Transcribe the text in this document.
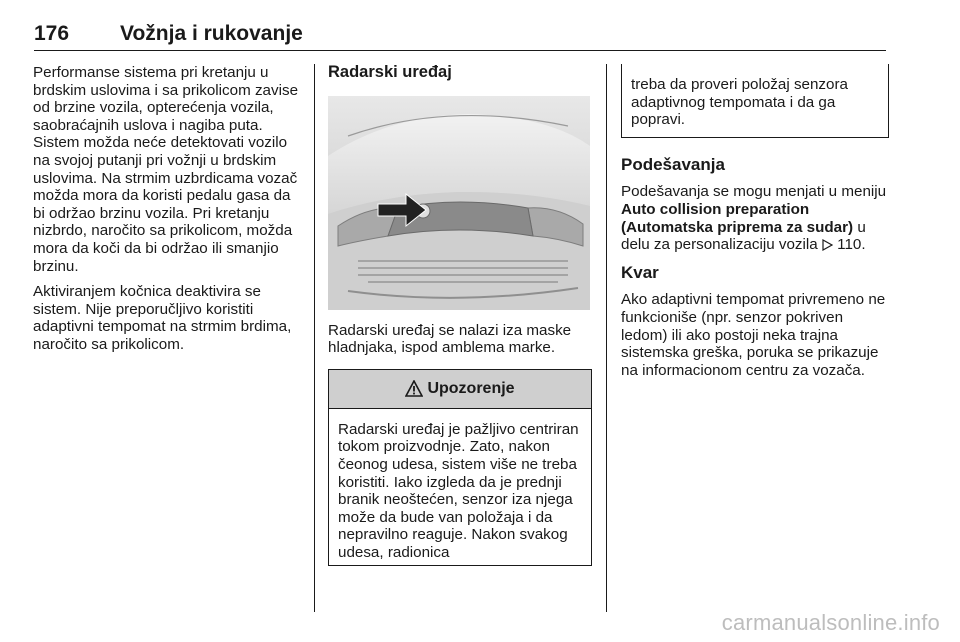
176 Vožnja i rukovanje

Performanse sistema pri kretanju u brdskim uslovima i sa prikolicom zavise od brzine vozila, opterećenja vozila, saobraćajnih uslova i nagiba puta. Sistem možda neće detektovati vozilo na svojoj putanji pri vožnji u brdskim uslovima. Na strmim uzbrdicama vozač možda mora da koristi pedalu gasa da bi održao brzinu vozila. Pri kretanju nizbrdo, naročito sa prikolicom, možda mora da koči da bi održao ili smanjio brzinu.

Aktiviranjem kočnica deaktivira se sistem. Nije preporučljivo koristiti adaptivni tempomat na strmim brdima, naročito sa prikolicom.

Radarski uređaj

Radarski uređaj se nalazi iza maske hladnjaka, ispod amblema marke.

Upozorenje
Radarski uređaj je pažljivo centriran tokom proizvodnje. Zato, nakon čeonog udesa, sistem više ne treba koristiti. Iako izgleda da je prednji branik neoštećen, senzor iza njega može da bude van položaja i da nepravilno reaguje. Nakon svakog udesa, radionica
treba da proveri položaj senzora adaptivnog tempomata i da ga popravi.
Podešavanja

Podešavanja se mogu menjati u meniju Auto collision preparation (Automatska priprema za sudar) u delu za personalizaciju vozila  110.

Kvar

Ako adaptivni tempomat privremeno ne funkcioniše (npr. senzor pokriven ledom) ili ako postoji neka trajna sistemska greška, poruka se prikazuje na informacionom centru za vozača.

carmanualsonline.info
